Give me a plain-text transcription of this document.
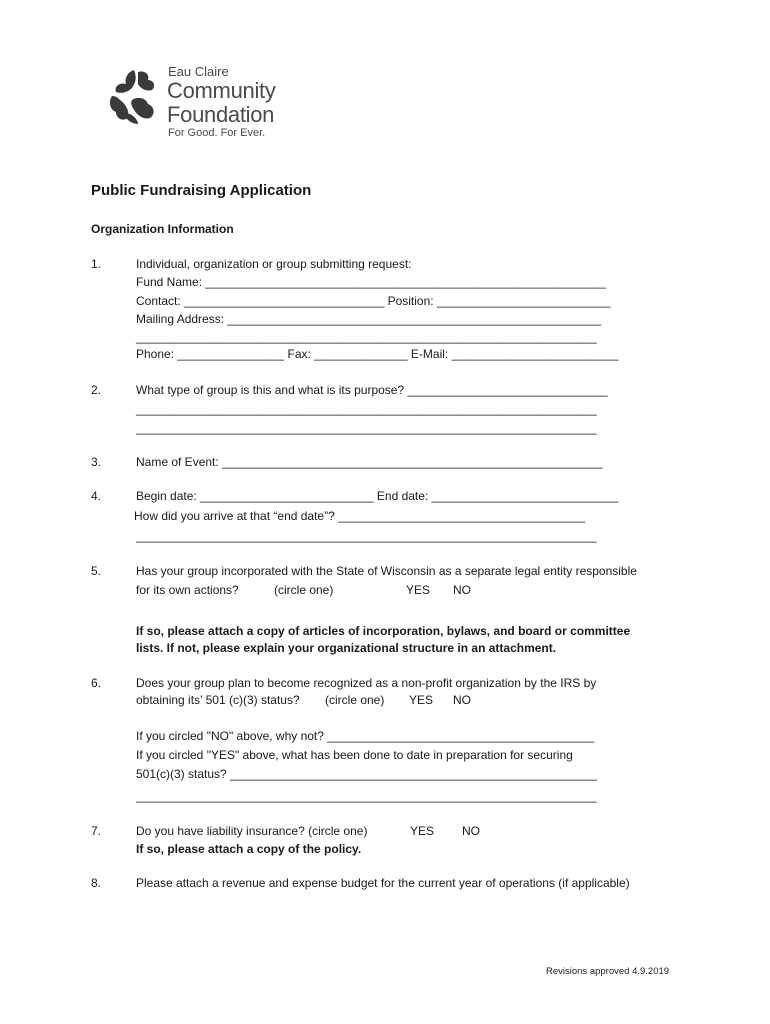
Eau Claire
Community
Foundation
For Good. For Ever.
Public Fundraising Application
Organization Information
1.	Individual, organization or group submitting request:
Fund Name: ____________________________________________________________
Contact: ______________________________ Position: __________________________
Mailing Address: ________________________________________________________
_____________________________________________________________________
Phone: ________________ Fax: ______________ E-Mail: _________________________
2.	What type of group is this and what is its purpose? ______________________________
_____________________________________________________________________
_____________________________________________________________________
3.	Name of Event: _________________________________________________________
4.	Begin date: __________________________ End date: ____________________________
How did you arrive at that “end date”? _____________________________________
_____________________________________________________________________
5.	Has your group incorporated with the State of Wisconsin as a separate legal entity responsible
for its own actions?	(circle one)	YES NO
If so, please attach a copy of articles of incorporation, bylaws, and board or committee
lists. If not, please explain your organizational structure in an attachment.
6.	Does your group plan to become recognized as a non-profit organization by the IRS by
obtaining its’ 501 (c)(3) status? (circle one) YES NO
If you circled "NO" above, why not? ________________________________________
If you circled "YES" above, what has been done to date in preparation for securing
501(c)(3) status? _______________________________________________________
_____________________________________________________________________
7.	Do you have liability insurance? (circle one)	YES NO
If so, please attach a copy of the policy.
8.	Please attach a revenue and expense budget for the current year of operations (if applicable)
Revisions approved 4.9.2019
